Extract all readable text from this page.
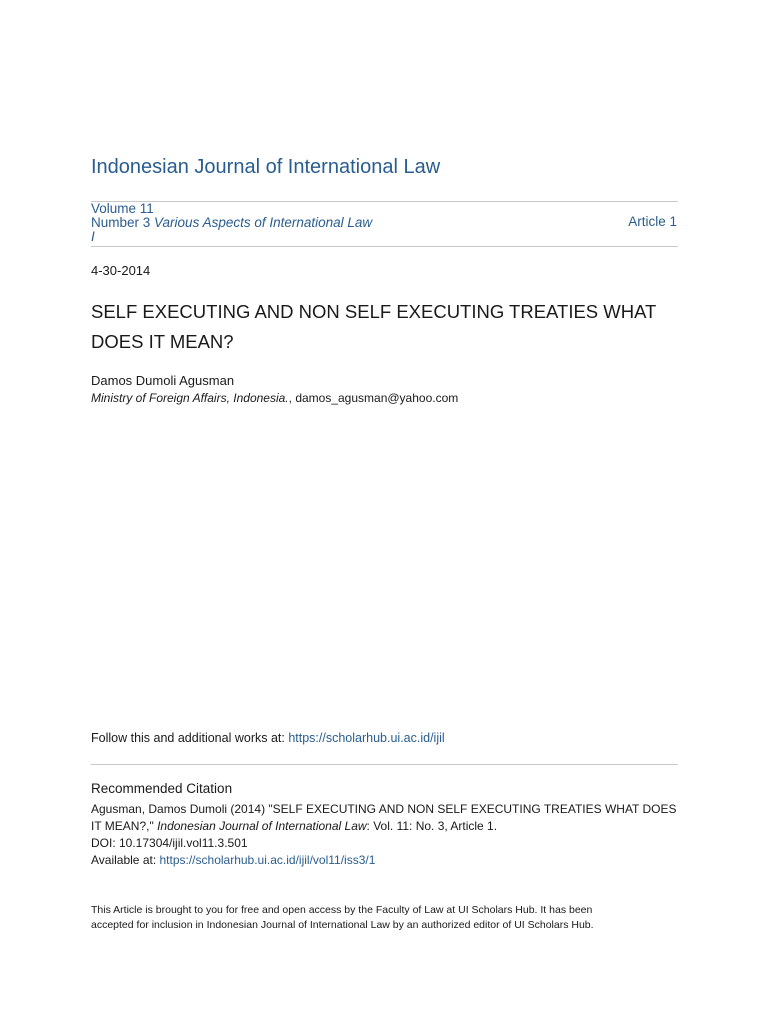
Indonesian Journal of International Law
Volume 11
Number 3 Various Aspects of International Law
I
Article 1
4-30-2014
SELF EXECUTING AND NON SELF EXECUTING TREATIES WHAT
DOES IT MEAN?
Damos Dumoli Agusman
Ministry of Foreign Affairs, Indonesia., damos_agusman@yahoo.com
Follow this and additional works at: https://scholarhub.ui.ac.id/ijil
Recommended Citation
Agusman, Damos Dumoli (2014) "SELF EXECUTING AND NON SELF EXECUTING TREATIES WHAT DOES
IT MEAN?," Indonesian Journal of International Law: Vol. 11: No. 3, Article 1.
DOI: 10.17304/ijil.vol11.3.501
Available at: https://scholarhub.ui.ac.id/ijil/vol11/iss3/1
This Article is brought to you for free and open access by the Faculty of Law at UI Scholars Hub. It has been
accepted for inclusion in Indonesian Journal of International Law by an authorized editor of UI Scholars Hub.
